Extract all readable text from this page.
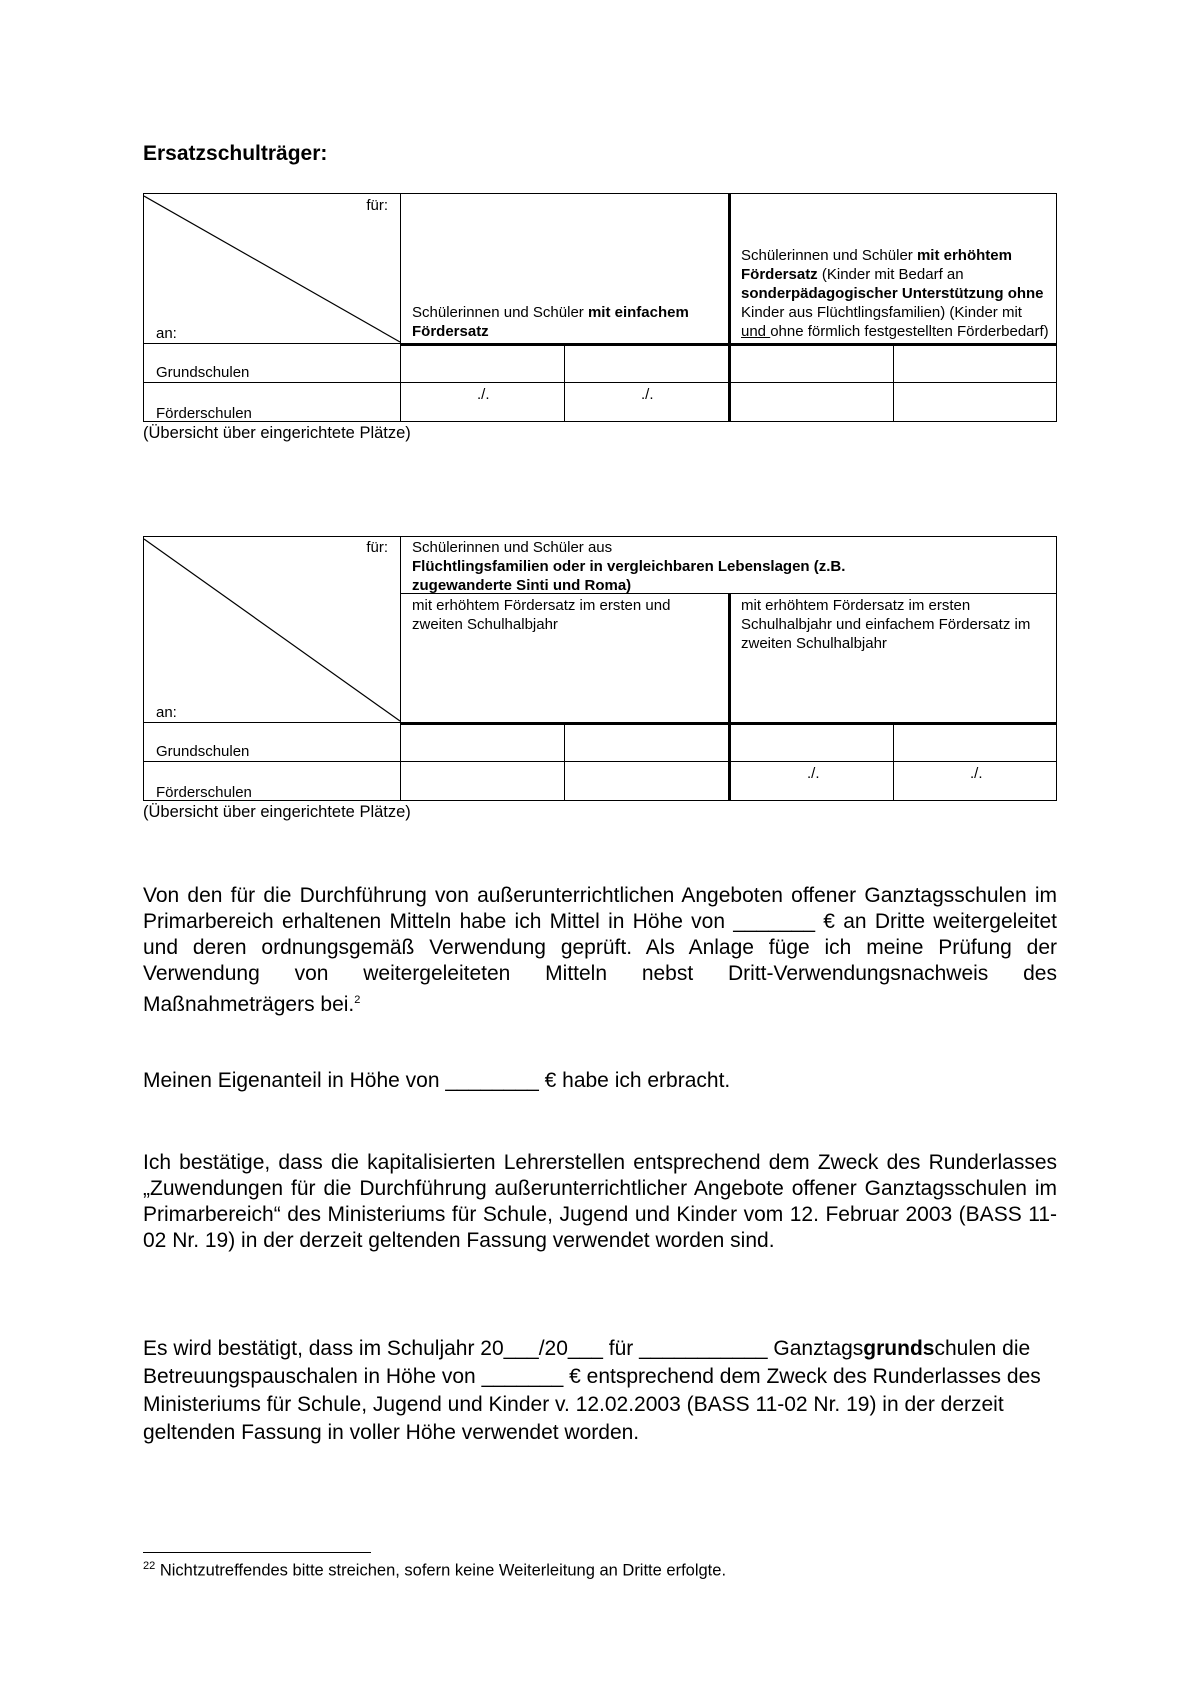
Ersatzschulträger:
für:
an:
Schülerinnen und Schüler mit einfachem Fördersatz
Schülerinnen und Schüler mit erhöhtem Fördersatz (Kinder mit Bedarf an sonderpädagogischer Unterstützung ohne Kinder aus Flüchtlingsfamilien) (Kinder mit und ohne förmlich festgestellten Förderbedarf)
Grundschulen
Förderschulen
./.	./.
(Übersicht über eingerichtete Plätze)
für:
an:
Schülerinnen und Schüler aus
Flüchtlingsfamilien oder in vergleichbaren Lebenslagen (z.B. zugewanderte Sinti und Roma)
mit erhöhtem Fördersatz im ersten und zweiten Schulhalbjahr
mit erhöhtem Fördersatz im ersten Schulhalbjahr und einfachem Fördersatz im zweiten Schulhalbjahr
Grundschulen
Förderschulen
./.	./.
(Übersicht über eingerichtete Plätze)
Von den für die Durchführung von außerunterrichtlichen Angeboten offener Ganztagsschulen im Primarbereich erhaltenen Mitteln habe ich Mittel in Höhe von _______ € an Dritte weitergeleitet und deren ordnungsgemäß Verwendung geprüft. Als Anlage füge ich meine Prüfung der Verwendung von weitergeleiteten Mitteln nebst Dritt-Verwendungsnachweis des Maßnahmeträgers bei.$^2$
Meinen Eigenanteil in Höhe von ________ € habe ich erbracht.
Ich bestätige, dass die kapitalisierten Lehrerstellen entsprechend dem Zweck des Runderlasses „Zuwendungen für die Durchführung außerunterrichtlicher Angebote offener Ganztagsschulen im Primarbereich“ des Ministeriums für Schule, Jugend und Kinder vom 12. Februar 2003 (BASS 11-02 Nr. 19) in der derzeit geltenden Fassung verwendet worden sind.
Es wird bestätigt, dass im Schuljahr 20___/20___ für ___________ Ganztagsgrundschulen die Betreuungspauschalen in Höhe von _______ € entsprechend dem Zweck des Runderlasses des Ministeriums für Schule, Jugend und Kinder v. 12.02.2003 (BASS 11-02 Nr. 19) in der derzeit geltenden Fassung in voller Höhe verwendet worden.
$^{22}$ Nichtzutreffendes bitte streichen, sofern keine Weiterleitung an Dritte erfolgte.
